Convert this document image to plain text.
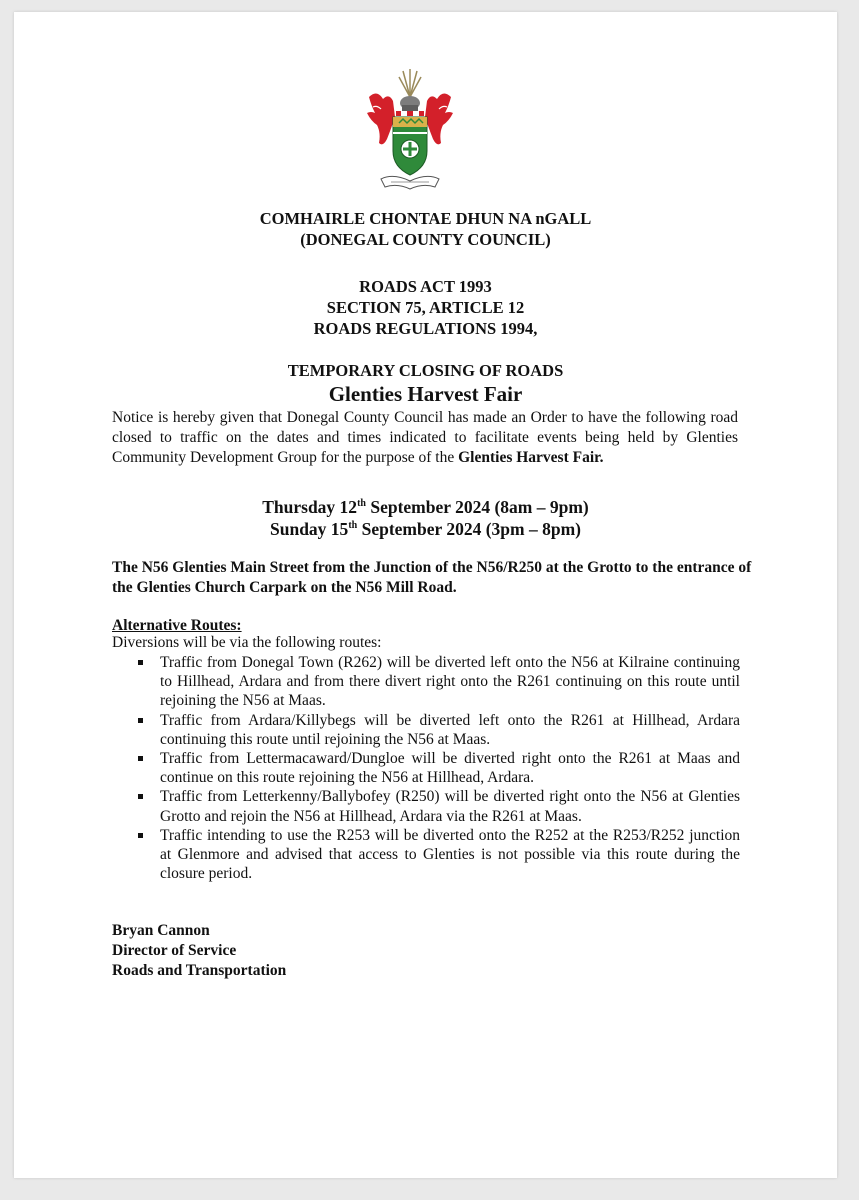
COMHAIRLE CHONTAE DHUN NA nGALL
(DONEGAL COUNTY COUNCIL)
ROADS ACT 1993
SECTION 75, ARTICLE 12
ROADS REGULATIONS 1994,
TEMPORARY CLOSING OF ROADS
Glenties Harvest Fair
Notice is hereby given that Donegal County Council has made an Order to have the following road closed to traffic on the dates and times indicated to facilitate events being held by Glenties Community Development Group for the purpose of the Glenties Harvest Fair.
Thursday 12th September 2024 (8am – 9pm)
Sunday 15th September 2024 (3pm – 8pm)
The N56 Glenties Main Street from the Junction of the N56/R250 at the Grotto to the entrance of the Glenties Church Carpark on the N56 Mill Road.
Alternative Routes:
Diversions will be via the following routes:
Traffic from Donegal Town (R262) will be diverted left onto the N56 at Kilraine continuing to Hillhead, Ardara and from there divert right onto the R261 continuing on this route until rejoining the N56 at Maas.
Traffic from Ardara/Killybegs will be diverted left onto the R261 at Hillhead, Ardara continuing this route until rejoining the N56 at Maas.
Traffic from Lettermacaward/Dungloe will be diverted right onto the R261 at Maas and continue on this route rejoining the N56 at Hillhead, Ardara.
Traffic from Letterkenny/Ballybofey (R250) will be diverted right onto the N56 at Glenties Grotto and rejoin the N56 at Hillhead, Ardara via the R261 at Maas.
Traffic intending to use the R253 will be diverted onto the R252 at the R253/R252 junction at Glenmore and advised that access to Glenties is not possible via this route during the closure period.
Bryan Cannon
Director of Service
Roads and Transportation
